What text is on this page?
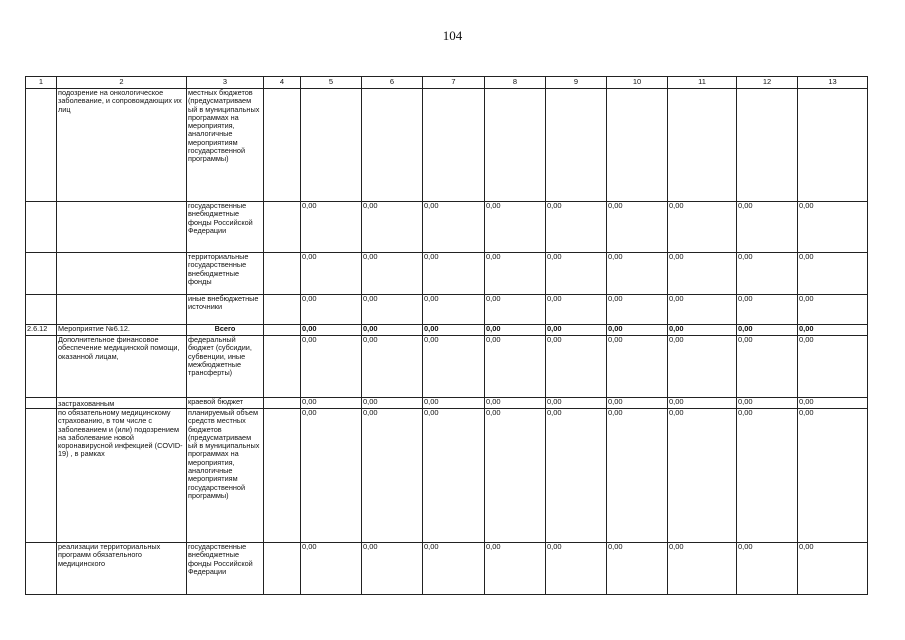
104
1	2	3	4	5	6	7	8	9	10	11	12	13
	подозрение на онкологическое заболевание, и сопровождающих их лиц	местных бюджетов (предусматриваем ый в муниципальных программах на мероприятия, аналогичные мероприятиям государственной программы)										
		государственные внебюджетные фонды Российской Федерации		0,00	0,00	0,00	0,00	0,00	0,00	0,00	0,00	0,00
		территориальные государственные внебюджетные фонды		0,00	0,00	0,00	0,00	0,00	0,00	0,00	0,00	0,00
		иные внебюджетные источники		0,00	0,00	0,00	0,00	0,00	0,00	0,00	0,00	0,00
2.6.12	Мероприятие №6.12.	Всего		0,00	0,00	0,00	0,00	0,00	0,00	0,00	0,00	0,00
	Дополнительное финансовое обеспечение медицинской помощи, оказанной лицам,	федеральный бюджет (субсидии, субвенции, иные межбюджетные трансферты)		0,00	0,00	0,00	0,00	0,00	0,00	0,00	0,00	0,00
	застрахованным	краевой бюджет		0,00	0,00	0,00	0,00	0,00	0,00	0,00	0,00	0,00
	по обязательному медицинскому страхованию, в том числе с заболеванием и (или) подозрением на заболевание новой коронавирусной инфекцией (COVID-19) , в рамках	планируемый объем средств местных бюджетов (предусматриваем ый в муниципальных программах на мероприятия, аналогичные мероприятиям государственной программы)		0,00	0,00	0,00	0,00	0,00	0,00	0,00	0,00	0,00
	реализации территориальных программ обязательного медицинского	государственные внебюджетные фонды Российской Федерации		0,00	0,00	0,00	0,00	0,00	0,00	0,00	0,00	0,00
